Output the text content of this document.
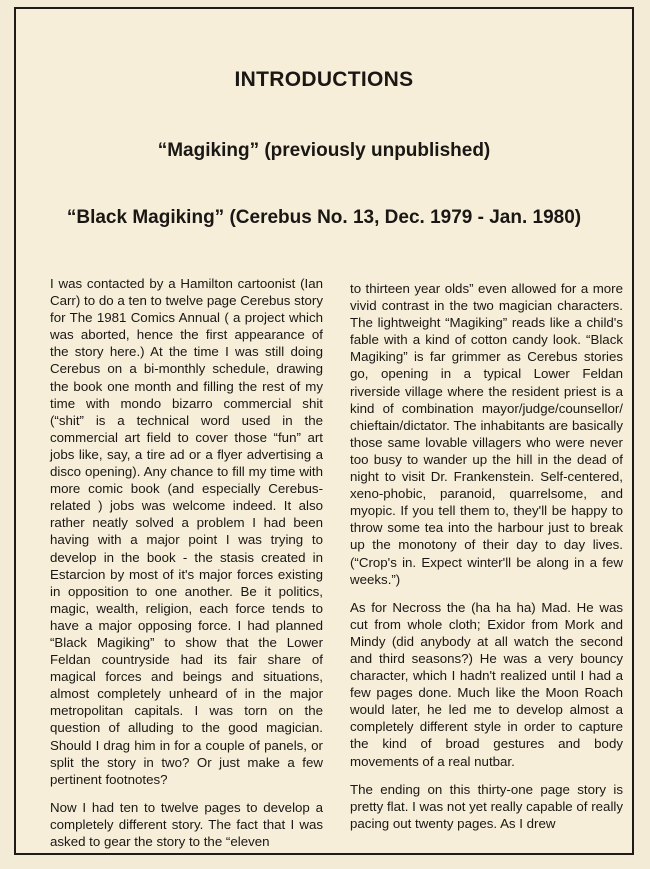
INTRODUCTIONS
“Magiking” (previously unpublished)
“Black Magiking” (Cerebus No. 13, Dec. 1979 - Jan. 1980)

I was contacted by a Hamilton cartoonist (Ian Carr) to do a ten to twelve page Cerebus story for The 1981 Comics Annual ( a project which was aborted, hence the first appearance of the story here.) At the time I was still doing Cerebus on a bi-monthly schedule, drawing the book one month and filling the rest of my time with mondo bizarro commercial shit (“shit” is a technical word used in the commercial art field to cover those “fun” art jobs like, say, a tire ad or a flyer advertising a disco opening). Any chance to fill my time with more comic book (and especially Cerebus-related ) jobs was welcome indeed. It also rather neatly solved a problem I had been having with a major point I was trying to develop in the book - the stasis created in Estarcion by most of it's major forces existing in opposition to one another. Be it politics, magic, wealth, religion, each force tends to have a major opposing force. I had planned “Black Magiking” to show that the Lower Feldan countryside had its fair share of magical forces and beings and situations, almost completely unheard of in the major metropolitan capitals. I was torn on the question of alluding to the good magician. Should I drag him in for a couple of panels, or split the story in two? Or just make a few pertinent footnotes?

Now I had ten to twelve pages to develop a completely different story. The fact that I was asked to gear the story to the “eleven

to thirteen year olds” even allowed for a more vivid contrast in the two magician characters. The lightweight “Magiking” reads like a child's fable with a kind of cotton candy look. “Black Magiking” is far grimmer as Cerebus stories go, opening in a typical Lower Feldan riverside village where the resident priest is a kind of combination mayor/judge/counsellor/ chieftain/dictator. The inhabitants are basically those same lovable villagers who were never too busy to wander up the hill in the dead of night to visit Dr. Frankenstein. Self-centered, xeno-phobic, paranoid, quarrelsome, and myopic. If you tell them to, they'll be happy to throw some tea into the harbour just to break up the monotony of their day to day lives. (“Crop's in. Expect winter'll be along in a few weeks.”)

As for Necross the (ha ha ha) Mad. He was cut from whole cloth; Exidor from Mork and Mindy (did anybody at all watch the second and third seasons?) He was a very bouncy character, which I hadn't realized until I had a few pages done. Much like the Moon Roach would later, he led me to develop almost a completely different style in order to capture the kind of broad gestures and body movements of a real nutbar.

The ending on this thirty-one page story is pretty flat. I was not yet really capable of really pacing out twenty pages. As I drew
